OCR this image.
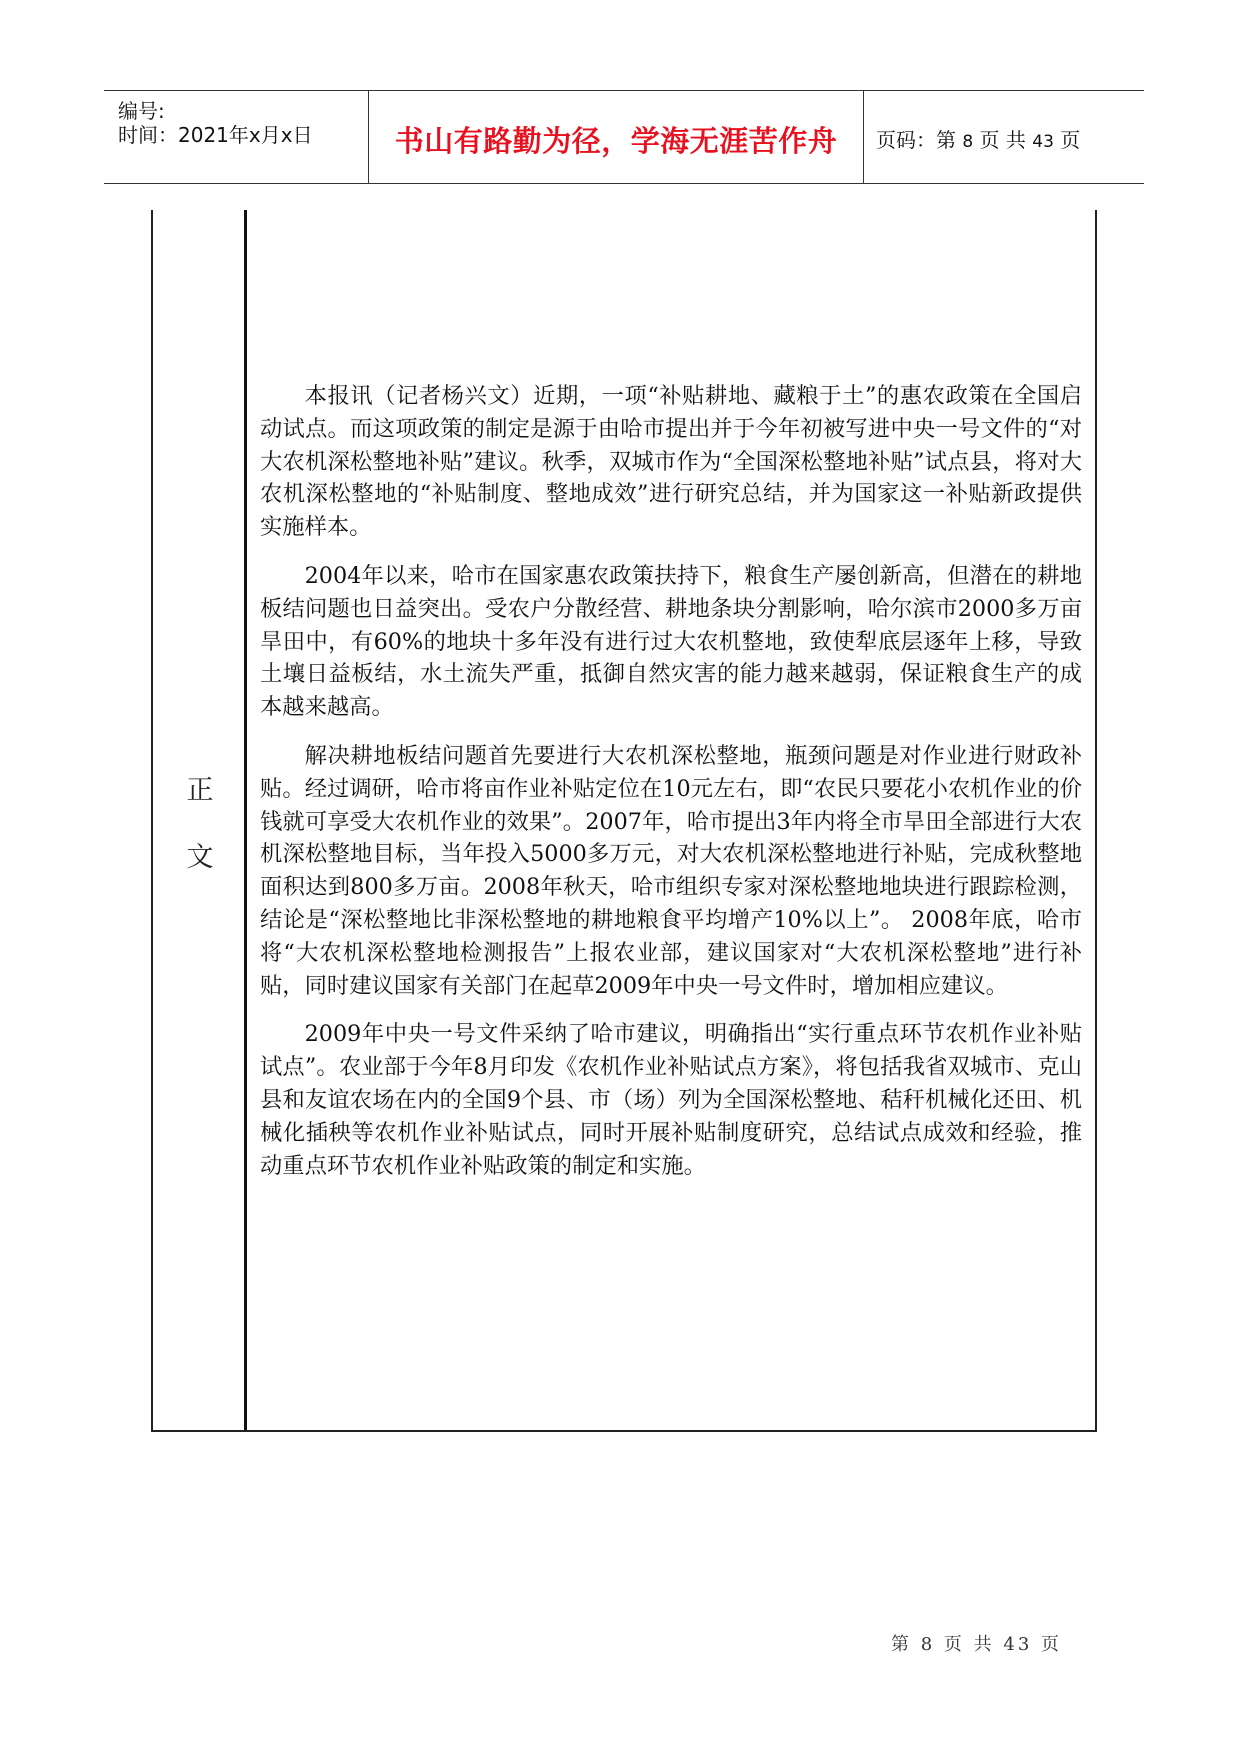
编号:
时间：2021年x月x日	书山有路勤为径，学海无涯苦作舟	页码：第 8 页 共 43 页
正
文

本报讯（记者杨兴文）近期，一项“补贴耕地、藏粮于土”的惠农政策在全国启动试点。而这项政策的制定是源于由哈市提出并于今年初被写进中央一号文件的“对大农机深松整地补贴”建议。秋季，双城市作为“全国深松整地补贴”试点县，将对大农机深松整地的“补贴制度、整地成效”进行研究总结，并为国家这一补贴新政提供实施样本。

2004年以来，哈市在国家惠农政策扶持下，粮食生产屡创新高，但潜在的耕地板结问题也日益突出。受农户分散经营、耕地条块分割影响，哈尔滨市2000多万亩旱田中，有60%的地块十多年没有进行过大农机整地，致使犁底层逐年上移，导致土壤日益板结，水土流失严重，抵御自然灾害的能力越来越弱，保证粮食生产的成本越来越高。

解决耕地板结问题首先要进行大农机深松整地，瓶颈问题是对作业进行财政补贴。经过调研，哈市将亩作业补贴定位在10元左右，即“农民只要花小农机作业的价钱就可享受大农机作业的效果”。2007年，哈市提出3年内将全市旱田全部进行大农机深松整地目标，当年投入5000多万元，对大农机深松整地进行补贴，完成秋整地面积达到800多万亩。2008年秋天，哈市组织专家对深松整地地块进行跟踪检测，结论是“深松整地比非深松整地的耕地粮食平均增产10%以上”。 2008年底，哈市将“大农机深松整地检测报告”上报农业部，建议国家对“大农机深松整地”进行补贴，同时建议国家有关部门在起草2009年中央一号文件时，增加相应建议。

2009年中央一号文件采纳了哈市建议，明确指出“实行重点环节农机作业补贴试点”。农业部于今年8月印发《农机作业补贴试点方案》，将包括我省双城市、克山县和友谊农场在内的全国9个县、市（场）列为全国深松整地、秸秆机械化还田、机械化插秧等农机作业补贴试点，同时开展补贴制度研究，总结试点成效和经验，推动重点环节农机作业补贴政策的制定和实施。

第 8 页 共 43 页
